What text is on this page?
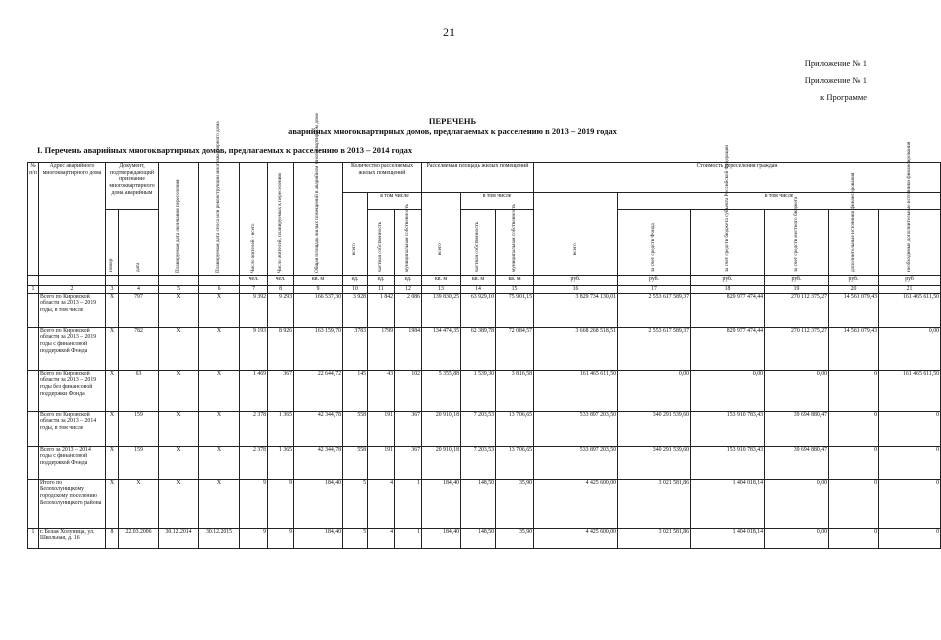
21
Приложение № 1
Приложение № 1
к Программе
ПЕРЕЧЕНЬ
аварийных многоквартирных домов, предлагаемых к расселению в 2013 – 2019 годах
I. Перечень аварийных многоквартирных домов, предлагаемых к расселению в 2013 – 2014 годах
№ п/п	Адрес аварийного многоквартирного дома	Документ, подтверждающий признание многоквартирного дома аварийным		Планируемая дата окончания переселения	Планируемая дата сноса или реконструкции многоквартирного дома	Число жителей - всего	Число жителей, планируемых к переселению	Общая площадь жилых помещений в аварийном многоквартирном доме	Количество расселяемых жилых помещений			Расселяемая площадь жилых помещений			Стоимость переселения граждан					

									всего	в том числе		всего	в том числе		всего	в том числе				

		номер	дата							частная собственность	муниципальная собственность		частная собственность	муниципальная собственность		за счет средств Фонда	за счет средств бюджета субъекта Российской Федерации	за счет средств местного бюджета	дополнительные источники финансирования	необходимые дополнительные источники финансирования

						чел.	чел.	кв. м	ед.	ед.	ед.	кв. м	кв. м	кв. м	руб.	руб.	руб.	руб.	руб.	руб
1	2	3	4	5	6	7	8	9	10	11	12	13	14	15	16	17	18	19	20	21
	Всего по Кировской области за 2013 – 2019 годы, в том числе	X	797	X	X	9 392	9 293	166 537,30	3 928	1 842	2 086	139 830,25	63 929,10	75 901,15	3 829 734 130,01	2 553 617 589,37	829 977 474,44	270 112 375,27	14 561 079,43	161 465 611,50
	Всего по Кировской области за 2013 – 2019 годы с финансовой поддержкой Фонда	X	782	X	X	9 193	8 926	163 159,70	3783	1799	1984	134 474,35	62 389,78	72 084,57	3 668 268 518,51	2 553 617 589,37	829 977 474,44	270 112 375,27	14 561 079,43	0,00
	Всего по Кировской области за 2013 – 2019 годы без финансовой поддержки Фонда	X	63	X	X	1 469	367	22 644,72	145	43	102	5 355,88	1 539,30	3 816,58	161 465 611,50	0,00	0,00	0,00	0	161 465 611,50
	Всего по Кировской области за 2013 – 2014 годы, в том числе	X	159	X	X	2 378	1 365	42 344,78	558	191	367	20 910,18	7 203,53	13 706,65	533 897 203,50	340 291 539,60	153 910 783,43	39 694 880,47	0	0
	Всего за 2013 – 2014 годы с финансовой поддержкой Фонда	X	159	X	X	2 378	1 365	42 344,78	558	191	367	20 910,18	7 203,53	13 706,65	533 897 203,50	340 291 539,60	153 910 783,43	39 694 880,47	0	0
	Итого по Белохолуницкому городскому поселению Белохолуницкого района	X	X	X	X	9	9	184,40	5	4	1	184,40	148,50	35,90	4 425 600,00	3 021 581,86	1 404 018,14	0,00	0	0
1	г. Белая Холуница, ул. Школьная, д. 16	8	22.03.2006	30.12.2014	30.12.2015	9	9	184,40	5	4	1	184,40	148,50	35,90	4 425 600,00	3 021 581,86	1 404 018,14	0,00	0	0
